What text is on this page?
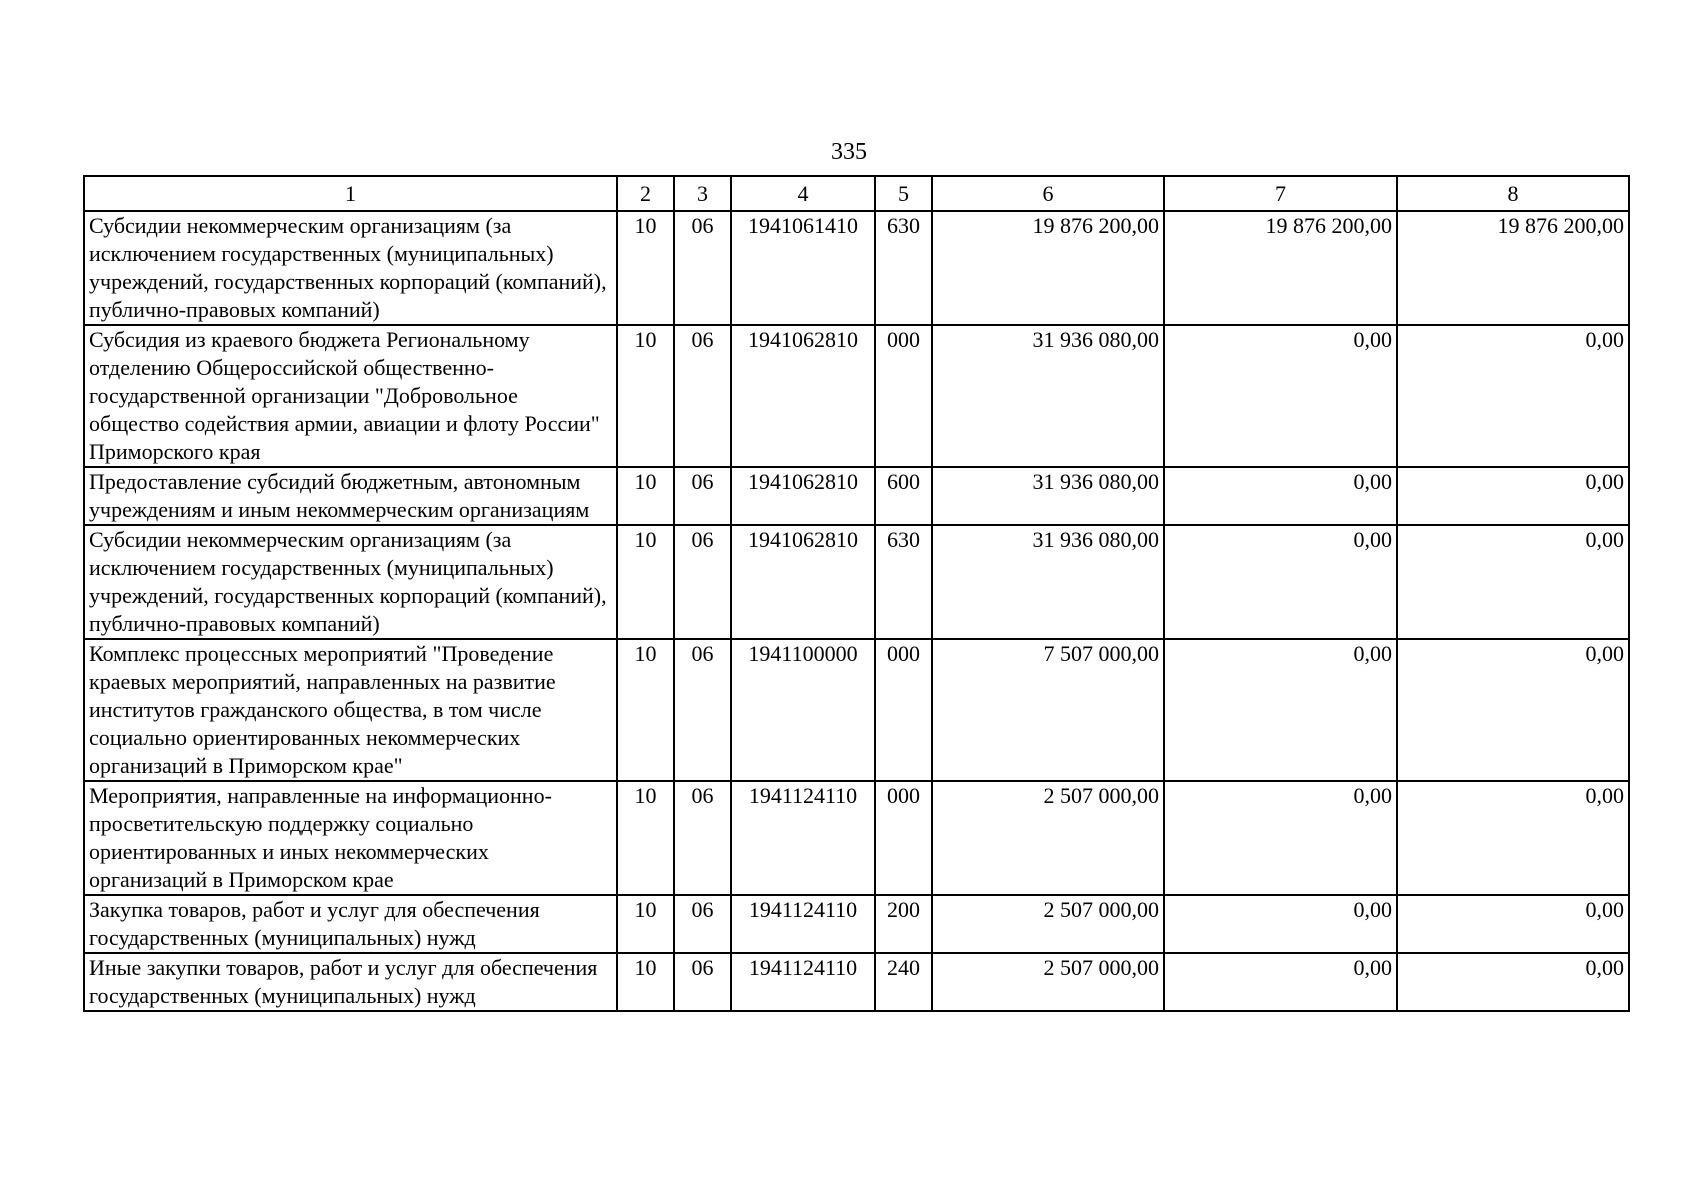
335
1	2	3	4	5	6	7	8
Субсидии некоммерческим организациям (за исключением государственных (муниципальных) учреждений, государственных корпораций (компаний), публично-правовых компаний)	10	06	1941061410	630	19 876 200,00	19 876 200,00	19 876 200,00
Субсидия из краевого бюджета Региональному отделению Общероссийской общественно-государственной организации "Добровольное общество содействия армии, авиации и флоту России" Приморского края	10	06	1941062810	000	31 936 080,00	0,00	0,00
Предоставление субсидий бюджетным, автономным учреждениям и иным некоммерческим организациям	10	06	1941062810	600	31 936 080,00	0,00	0,00
Субсидии некоммерческим организациям (за исключением государственных (муниципальных) учреждений, государственных корпораций (компаний), публично-правовых компаний)	10	06	1941062810	630	31 936 080,00	0,00	0,00
Комплекс процессных мероприятий "Проведение краевых мероприятий, направленных на развитие институтов гражданского общества, в том числе социально ориентированных некоммерческих организаций в Приморском крае"	10	06	1941100000	000	7 507 000,00	0,00	0,00
Мероприятия, направленные на информационно-просветительскую поддержку социально ориентированных и иных некоммерческих организаций в Приморском крае	10	06	1941124110	000	2 507 000,00	0,00	0,00
Закупка товаров, работ и услуг для обеспечения государственных (муниципальных) нужд	10	06	1941124110	200	2 507 000,00	0,00	0,00
Иные закупки товаров, работ и услуг для обеспечения государственных (муниципальных) нужд	10	06	1941124110	240	2 507 000,00	0,00	0,00
